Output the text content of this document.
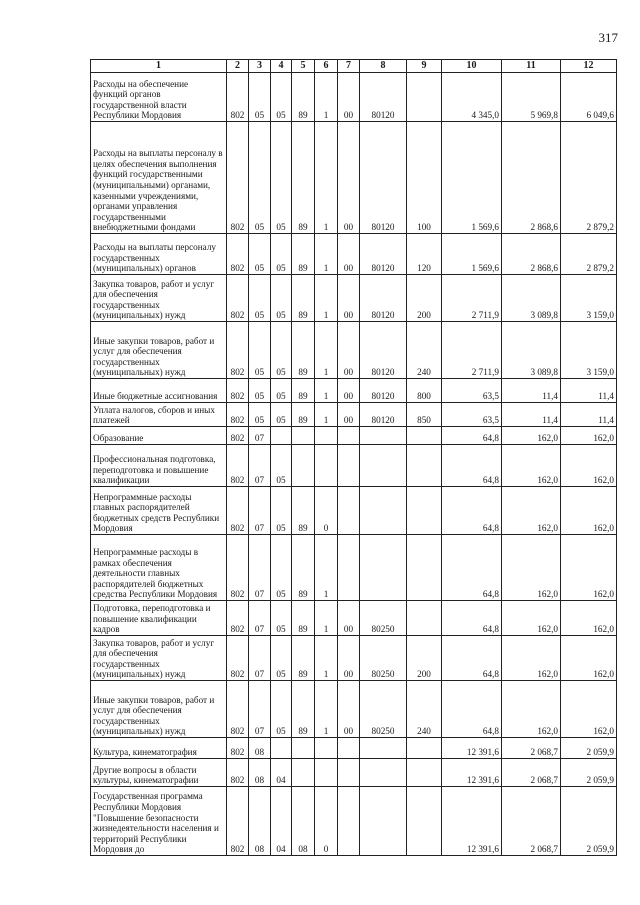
317
1	2	3	4	5	6	7	8	9	10	11	12
Расходы на обеспечение функций органов государственной власти Республики Мордовия	802	05	05	89	1	00	80120		4 345,0	5 969,8	6 049,6
Расходы на выплаты персоналу в целях обеспечения выполнения функций государственными (муниципальными) органами, казенными учреждениями, органами управления государственными внебюджетными фондами	802	05	05	89	1	00	80120	100	1 569,6	2 868,6	2 879,2
Расходы на выплаты персоналу государственных (муниципальных) органов	802	05	05	89	1	00	80120	120	1 569,6	2 868,6	2 879,2
Закупка товаров, работ и услуг для обеспечения государственных (муниципальных) нужд	802	05	05	89	1	00	80120	200	2 711,9	3 089,8	3 159,0
Иные закупки товаров, работ и услуг для обеспечения государственных (муниципальных) нужд	802	05	05	89	1	00	80120	240	2 711,9	3 089,8	3 159,0
Иные бюджетные ассигнования	802	05	05	89	1	00	80120	800	63,5	11,4	11,4
Уплата налогов, сборов и иных платежей	802	05	05	89	1	00	80120	850	63,5	11,4	11,4
Образование	802	07							64,8	162,0	162,0
Профессиональная подготовка, переподготовка и повышение квалификации	802	07	05						64,8	162,0	162,0
Непрограммные расходы главных распорядителей бюджетных средств Республики Мордовия	802	07	05	89	0				64,8	162,0	162,0
Непрограммные расходы в рамках обеспечения деятельности главных распорядителей бюджетных средства Республики Мордовия	802	07	05	89	1				64,8	162,0	162,0
Подготовка, переподготовка и повышение квалификации кадров	802	07	05	89	1	00	80250		64,8	162,0	162,0
Закупка товаров, работ и услуг для обеспечения государственных (муниципальных) нужд	802	07	05	89	1	00	80250	200	64,8	162,0	162,0
Иные закупки товаров, работ и услуг для обеспечения государственных (муниципальных) нужд	802	07	05	89	1	00	80250	240	64,8	162,0	162,0
Культура, кинематография	802	08							12 391,6	2 068,7	2 059,9
Другие вопросы в области культуры, кинематографии	802	08	04						12 391,6	2 068,7	2 059,9
Государственная программа Республики Мордовия "Повышение безопасности жизнедеятельности населения и территорий Республики Мордовия до	802	08	04	08	0				12 391,6	2 068,7	2 059,9
